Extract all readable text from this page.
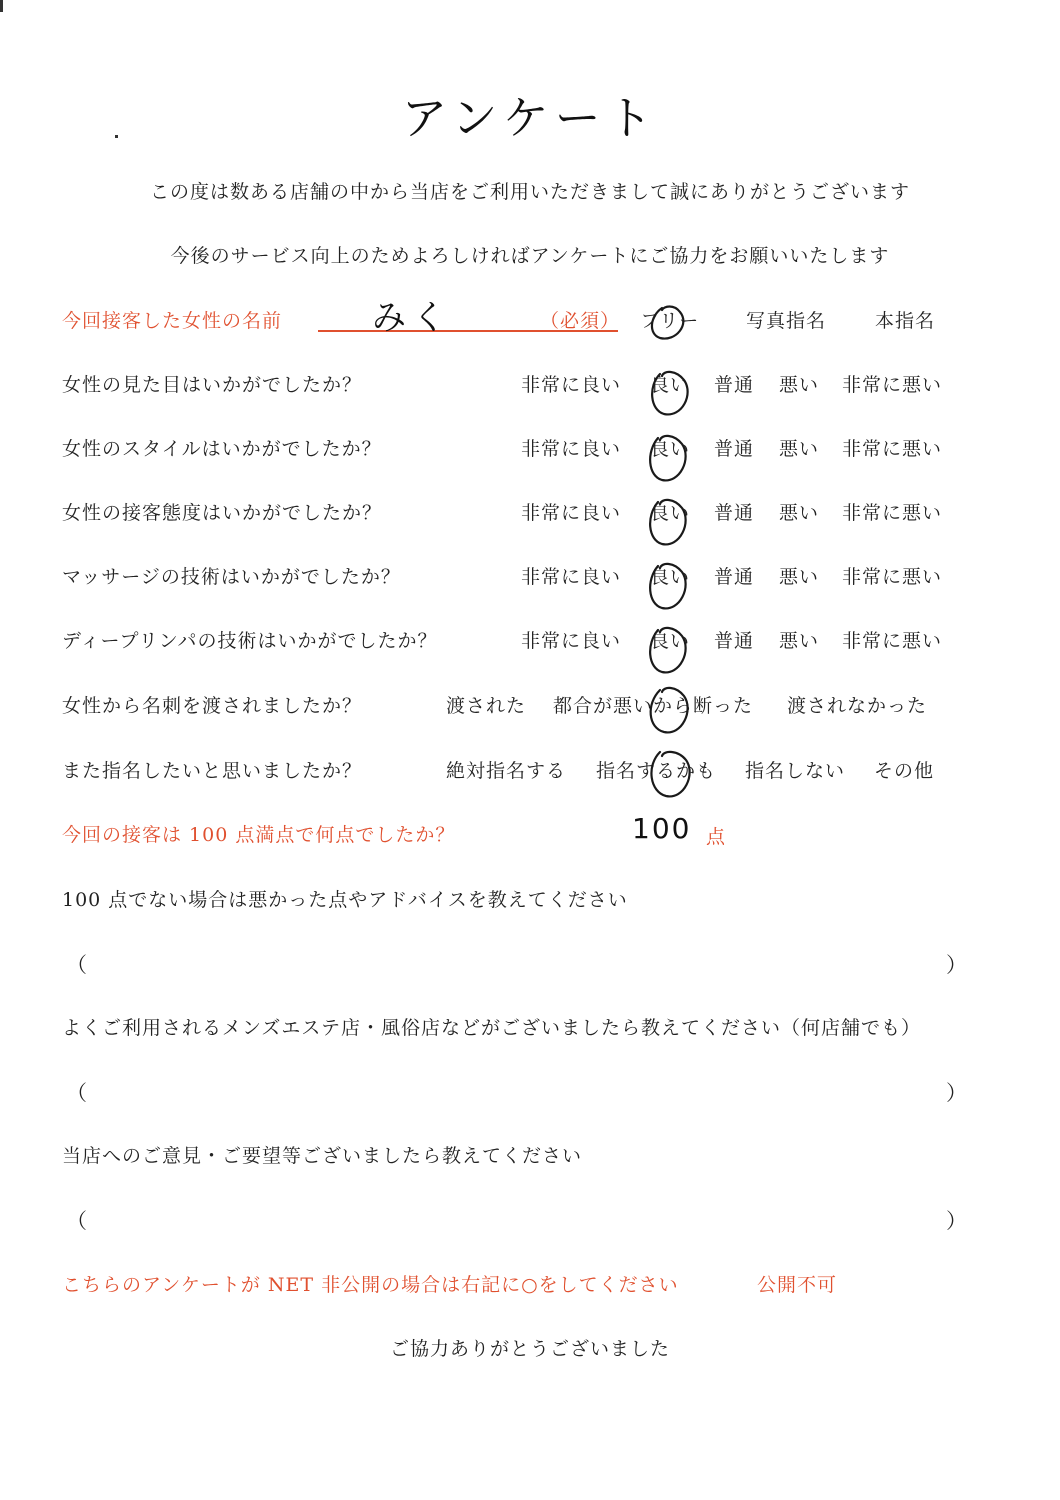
アンケート
この度は数ある店舗の中から当店をご利用いただきまして誠にありがとうございます
今後のサービス向上のためよろしければアンケートにご協力をお願いいたします
今回接客した女性の名前	みく	（必須） フリー 写真指名	本指名
女性の見た目はいかがでしたか？	非常に良い 良い 普通 悪い 非常に悪い
女性のスタイルはいかがでしたか？	非常に良い 良い 普通 悪い 非常に悪い
女性の接客態度はいかがでしたか？	非常に良い 良い 普通 悪い 非常に悪い
マッサージの技術はいかがでしたか？	非常に良い 良い 普通 悪い 非常に悪い
ディープリンパの技術はいかがでしたか？	非常に良い 良い 普通 悪い 非常に悪い
女性から名刺を渡されましたか？	渡された 都合が悪いから断った 渡されなかった
また指名したいと思いましたか？	絶対指名する 指名するかも 指名しない その他
今回の接客は 100 点満点で何点でしたか？	100 点
100 点でない場合は悪かった点やアドバイスを教えてください
（	）
よくご利用されるメンズエステ店・風俗店などがございましたら教えてください（何店舗でも）
（	）
当店へのご意見・ご要望等ございましたら教えてください
（	）
こちらのアンケートが NET 非公開の場合は右記に○をしてください	公開不可
ご協力ありがとうございました
